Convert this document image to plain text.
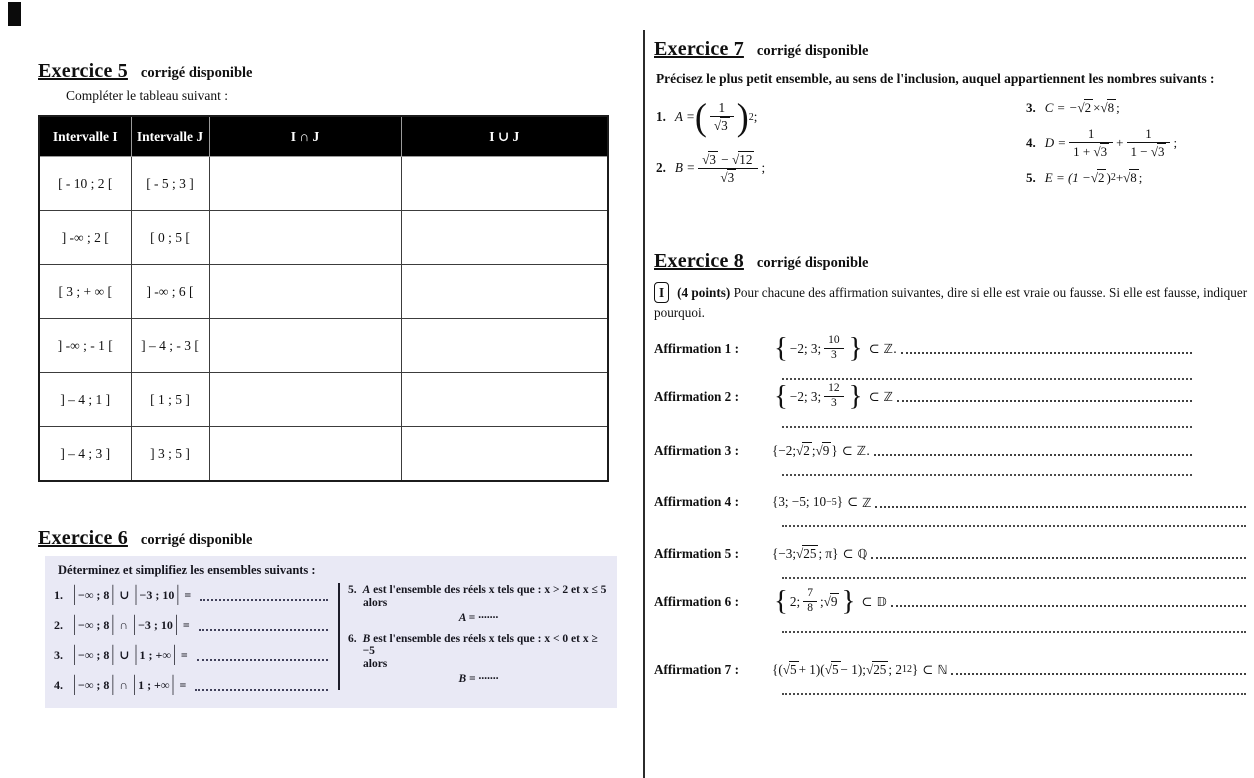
Exercice 5 corrigé disponible
Compléter le tableau suivant :
Intervalle I	Intervalle J	I ∩ J	I ∪ J
[ - 10 ; 2 [	[ - 5 ; 3 ]		
] -∞ ; 2 [	[ 0 ; 5 [		
[ 3 ; + ∞ [	] -∞ ; 6 [		
] -∞ ; - 1 [	] – 4 ; - 3 [		
] – 4 ; 1 ]	[ 1 ; 5 ]		
] – 4 ; 3 ]	] 3 ; 5 ]		
Exercice 6 corrigé disponible
Déterminez et simplifiez les ensembles suivants :
1. | −∞ ; 8 | ∪ | −3 ; 10 | =
2. | −∞ ; 8 | ∩ | −3 ; 10 | =
3. | −∞ ; 8 | ∪ | 1 ; +∞ | =
4. | −∞ ; 8 | ∩ | 1 ; +∞ | =
5. A est l'ensemble des réels x tels que : x > 2 et x ≤ 5
alors
A = ·······
6. B est l'ensemble des réels x tels que : x < 0 et x ≥ −5
alors
B = ·······
Exercice 7 corrigé disponible
Précisez le plus petit ensemble, au sens de l'inclusion, auquel appartiennent les nombres suivants :
1. A = ( $\frac{1}{√3}$ ) 2 ;
2. $B = \frac{√3 - √12}{√3}$ ;
3. C = − √2 × √8 ;
4. $D = \frac{1}{1 + √3} + \frac{1}{1 - √3}$ ;
5. E = (1 − √2 ) 2 + √8 ;
Exercice 8 corrigé disponible
I (4 points) Pour chacune des affirmation suivantes, dire si elle est vraie ou fausse. Si elle est fausse, indiquer pourquoi.
Affirmation 1 :	{ −2; 3; $\frac{10}{3}$ } ⊂ ℤ.
Affirmation 2 :	{ −2; 3; $\frac{12}{3}$ } ⊂ ℤ
Affirmation 3 :	{−2; √2 ; √9 } ⊂ ℤ.
Affirmation 4 :	{3; −5; 10 −5 } ⊂ ℤ
Affirmation 5 :	{−3; √25 ; π } ⊂ ℚ
Affirmation 6 :	{ 2; $\frac{7}{8}$ ; √9 } ⊂ 𝔻
Affirmation 7 :	{( √5 + 1)( √5 − 1); √25 ; 2 12 } ⊂ ℕ
